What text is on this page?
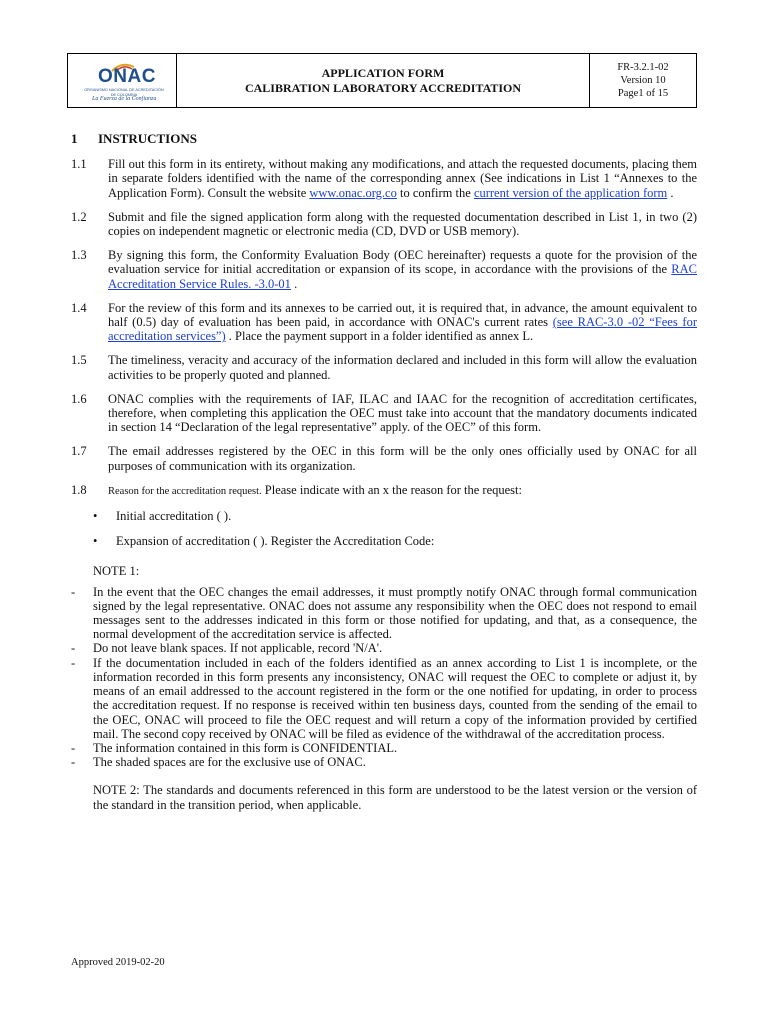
ONAC
ORGANISMO NACIONAL DE ACREDITACIÓN DE COLOMBIA
La Fuerza de la Confianza
APPLICATION FORM
CALIBRATION LABORATORY ACCREDITATION
FR-3.2.1-02
Version 10
Page1 of 15
1	INSTRUCTIONS
1.1	Fill out this form in its entirety, without making any modifications, and attach the requested documents, placing them in separate folders identified with the name of the corresponding annex (See indications in List 1 “Annexes to the Application Form). Consult the website www.onac.org.co to confirm the current version of the application form .
1.2	Submit and file the signed application form along with the requested documentation described in List 1, in two (2) copies on independent magnetic or electronic media (CD, DVD or USB memory).
1.3	By signing this form, the Conformity Evaluation Body (OEC hereinafter) requests a quote for the provision of the evaluation service for initial accreditation or expansion of its scope, in accordance with the provisions of the RAC Accreditation Service Rules. -3.0-01 .
1.4	For the review of this form and its annexes to be carried out, it is required that, in advance, the amount equivalent to half (0.5) day of evaluation has been paid, in accordance with ONAC's current rates (see RAC-3.0 -02 “Fees for accreditation services”) . Place the payment support in a folder identified as annex L.
1.5	The timeliness, veracity and accuracy of the information declared and included in this form will allow the evaluation activities to be properly quoted and planned.
1.6	ONAC complies with the requirements of IAF, ILAC and IAAC for the recognition of accreditation certificates, therefore, when completing this application the OEC must take into account that the mandatory documents indicated in section 14 “Declaration of the legal representative” apply. of the OEC” of this form.
1.7	The email addresses registered by the OEC in this form will be the only ones officially used by ONAC for all purposes of communication with its organization.
1.8	Reason for the accreditation request. Please indicate with an x the reason for the request:
•	Initial accreditation ( ).
•	Expansion of accreditation ( ). Register the Accreditation Code:
NOTE 1:
-	In the event that the OEC changes the email addresses, it must promptly notify ONAC through formal communication signed by the legal representative. ONAC does not assume any responsibility when the OEC does not respond to email messages sent to the addresses indicated in this form or those notified for updating, and that, as a consequence, the normal development of the accreditation service is affected.
-	Do not leave blank spaces. If not applicable, record 'N/A'.
-	If the documentation included in each of the folders identified as an annex according to List 1 is incomplete, or the information recorded in this form presents any inconsistency, ONAC will request the OEC to complete or adjust it, by means of an email addressed to the account registered in the form or the one notified for updating, in order to process the accreditation request. If no response is received within ten business days, counted from the sending of the email to the OEC, ONAC will proceed to file the OEC request and will return a copy of the information provided by certified mail. The second copy received by ONAC will be filed as evidence of the withdrawal of the accreditation process.
-	The information contained in this form is CONFIDENTIAL.
-	The shaded spaces are for the exclusive use of ONAC.
NOTE 2: The standards and documents referenced in this form are understood to be the latest version or the version of the standard in the transition period, when applicable.
Approved 2019-02-20
